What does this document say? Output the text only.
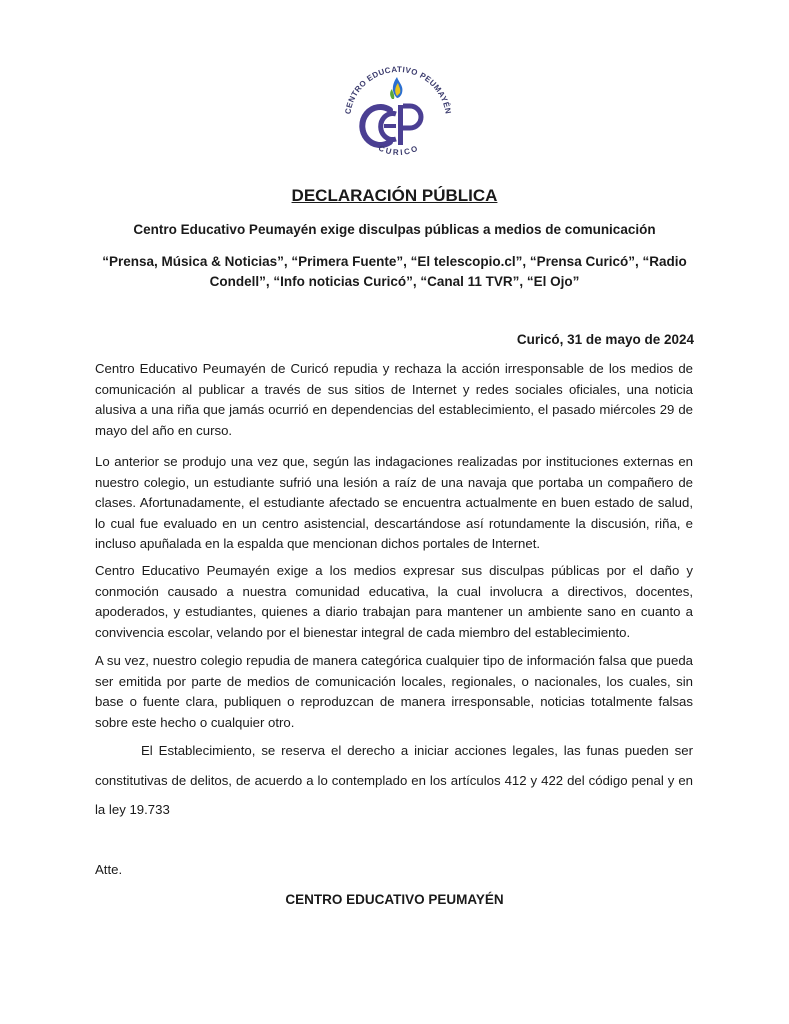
CENTRO EDUCATIVO PEUMAYÉN
CURICO
DECLARACIÓN PÚBLICA

Centro Educativo Peumayén exige disculpas públicas a medios de comunicación

“Prensa, Música & Noticias”, “Primera Fuente”, “El telescopio.cl”, “Prensa Curicó”, “Radio
Condell”, “Info noticias Curicó”, “Canal 11 TVR”, “El Ojo”

Curicó, 31 de mayo de 2024

Centro Educativo Peumayén de Curicó repudia y rechaza la acción irresponsable de los medios de comunicación al publicar a través de sus sitios de Internet y redes sociales oficiales, una noticia alusiva a una riña que jamás ocurrió en dependencias del establecimiento, el pasado miércoles 29 de mayo del año en curso.

Lo anterior se produjo una vez que, según las indagaciones realizadas por instituciones externas en nuestro colegio, un estudiante sufrió una lesión a raíz de una navaja que portaba un compañero de clases. Afortunadamente, el estudiante afectado se encuentra actualmente en buen estado de salud, lo cual fue evaluado en un centro asistencial, descartándose así rotundamente la discusión, riña, e incluso apuñalada en la espalda que mencionan dichos portales de Internet.

Centro Educativo Peumayén exige a los medios expresar sus disculpas públicas por el daño y conmoción causado a nuestra comunidad educativa, la cual involucra a directivos, docentes, apoderados, y estudiantes, quienes a diario trabajan para mantener un ambiente sano en cuanto a convivencia escolar, velando por el bienestar integral de cada miembro del establecimiento.

A su vez, nuestro colegio repudia de manera categórica cualquier tipo de información falsa que pueda ser emitida por parte de medios de comunicación locales, regionales, o nacionales, los cuales, sin base o fuente clara, publiquen o reproduzcan de manera irresponsable, noticias totalmente falsas sobre este hecho o cualquier otro.

El Establecimiento, se reserva el derecho a iniciar acciones legales, las funas pueden ser constitutivas de delitos, de acuerdo a lo contemplado en los artículos 412 y 422 del código penal y en la ley 19.733

Atte.

CENTRO EDUCATIVO PEUMAYÉN
